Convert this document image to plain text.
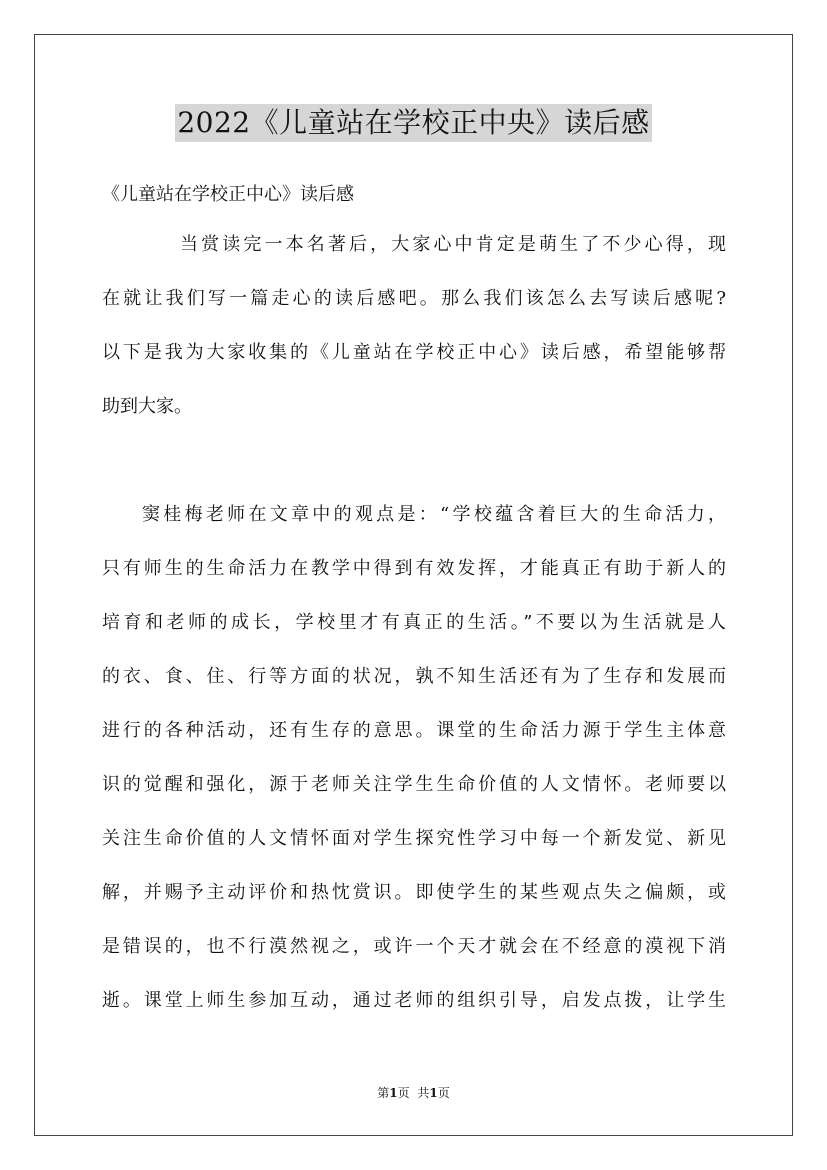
2022《儿童站在学校正中央》读后感
《儿童站在学校正中心》读后感
当赏读完一本名著后，大家心中肯定是萌生了不少心得，现
在就让我们写一篇走心的读后感吧。那么我们该怎么去写读后感呢?
以下是我为大家收集的《儿童站在学校正中心》读后感，希望能够帮
助到大家。
窦桂梅老师在文章中的观点是：“学校蕴含着巨大的生命活力，
只有师生的生命活力在教学中得到有效发挥，才能真正有助于新人的
培育和老师的成长，学校里才有真正的生活。”不要以为生活就是人
的衣、食、住、行等方面的状况，孰不知生活还有为了生存和发展而
进行的各种活动，还有生存的意思。课堂的生命活力源于学生主体意
识的觉醒和强化，源于老师关注学生生命价值的人文情怀。老师要以
关注生命价值的人文情怀面对学生探究性学习中每一个新发觉、新见
解，并赐予主动评价和热忱赏识。即使学生的某些观点失之偏颇，或
是错误的，也不行漠然视之，或许一个天才就会在不经意的漠视下消
逝。课堂上师生参加互动，通过老师的组织引导，启发点拨，让学生
第1页 共1页
